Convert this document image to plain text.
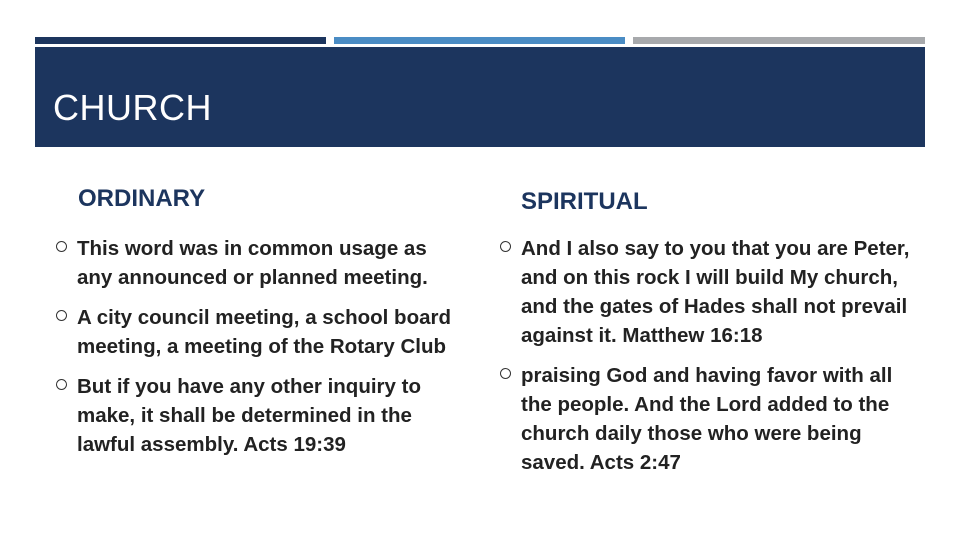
CHURCH
ORDINARY	SPIRITUAL
This word was in common usage as any announced or planned meeting.
A city council meeting, a school board meeting, a meeting of the Rotary Club
But if you have any other inquiry to make, it shall be determined in the lawful assembly. Acts 19:39
And I also say to you that you are Peter, and on this rock I will build My church, and the gates of Hades shall not prevail against it. Matthew 16:18
praising God and having favor with all the people. And the Lord added to the church daily those who were being saved. Acts 2:47
